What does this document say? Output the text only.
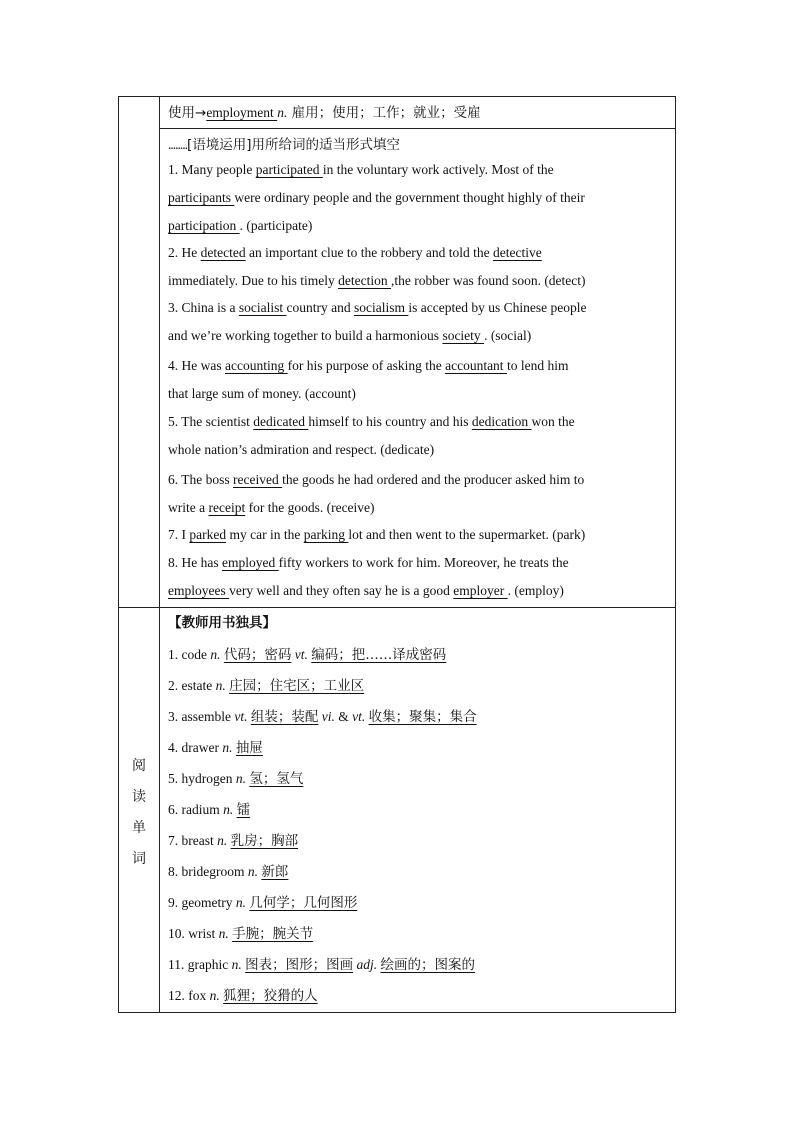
使用→employment n. 雇用；使用；工作；就业；受雇
........[语境运用]用所给词的适当形式填空
1. Many people participated in the voluntary work actively. Most of the
participants were ordinary people and the government thought highly of their
participation . (participate)
2. He detected an important clue to the robbery and told the detective
immediately. Due to his timely detection ,the robber was found soon. (detect)
3. China is a socialist country and socialism is accepted by us Chinese people
and we’re working together to build a harmonious society . (social)
4. He was accounting for his purpose of asking the accountant to lend him
that large sum of money. (account)
5. The scientist dedicated himself to his country and his dedication won the
whole nation’s admiration and respect. (dedicate)
6. The boss received the goods he had ordered and the producer asked him to
write a receipt for the goods. (receive)
7. I parked my car in the parking lot and then went to the supermarket. (park)
8. He has employed fifty workers to work for him. Moreover, he treats the
employees very well and they often say he is a good employer . (employ)
阅
读
单
词
【教师用书独具】
1. code n. 代码；密码 vt. 编码；把……译成密码
2. estate n. 庄园；住宅区；工业区
3. assemble vt. 组装；装配 vi. & vt. 收集；聚集；集合
4. drawer n. 抽屉
5. hydrogen n. 氢；氢气
6. radium n. 镭
7. breast n. 乳房；胸部
8. bridegroom n. 新郎
9. geometry n. 几何学；几何图形
10. wrist n. 手腕；腕关节
11. graphic n. 图表；图形；图画 adj. 绘画的；图案的
12. fox n. 狐狸；狡猾的人
